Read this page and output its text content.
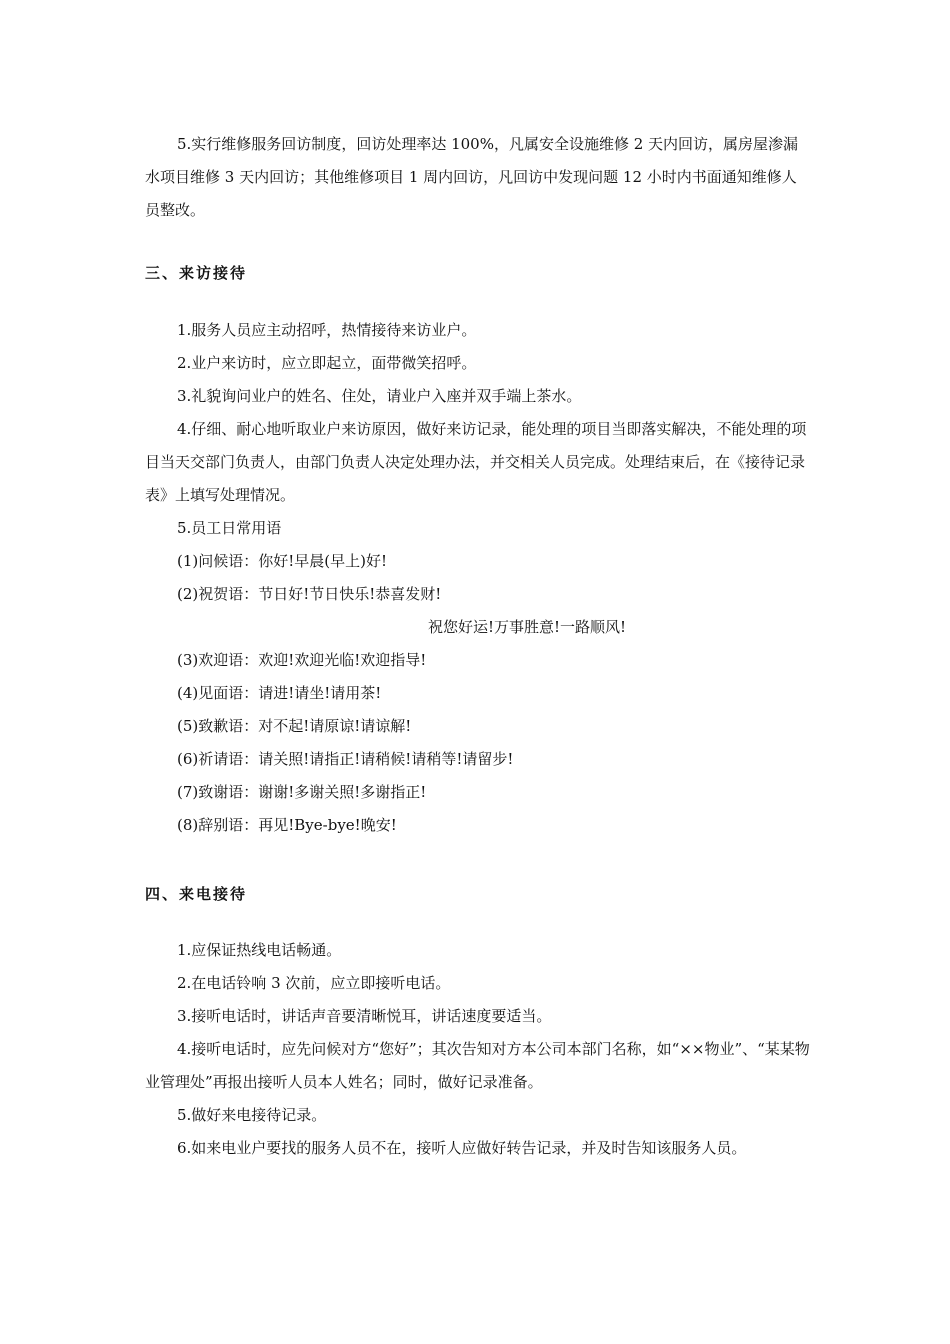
5.实行维修服务回访制度，回访处理率达 100%，凡属安全设施维修 2 天内回访，属房屋渗漏水项目维修 3 天内回访；其他维修项目 1 周内回访，凡回访中发现问题 12 小时内书面通知维修人员整改。

三、来访接待

1.服务人员应主动招呼，热情接待来访业户。

2.业户来访时，应立即起立，面带微笑招呼。

3.礼貌询问业户的姓名、住处，请业户入座并双手端上茶水。

4.仔细、耐心地听取业户来访原因，做好来访记录，能处理的项目当即落实解决，不能处理的项目当天交部门负责人，由部门负责人决定处理办法，并交相关人员完成。处理结束后，在《接待记录表》上填写处理情况。

5.员工日常用语

(1)问候语：你好!早晨(早上)好!

(2)祝贺语：节日好!节日快乐!恭喜发财!

祝您好运!万事胜意!一路顺风!

(3)欢迎语：欢迎!欢迎光临!欢迎指导!

(4)见面语：请进!请坐!请用茶!

(5)致歉语：对不起!请原谅!请谅解!

(6)祈请语：请关照!请指正!请稍候!请稍等!请留步!

(7)致谢语：谢谢!多谢关照!多谢指正!

(8)辞别语：再见!Bye-bye!晚安!

四、来电接待

1.应保证热线电话畅通。

2.在电话铃响 3 次前，应立即接听电话。

3.接听电话时，讲话声音要清晰悦耳，讲话速度要适当。

4.接听电话时，应先问候对方“您好”；其次告知对方本公司本部门名称，如“××物业”、“某某物业管理处”再报出接听人员本人姓名；同时，做好记录准备。

5.做好来电接待记录。

6.如来电业户要找的服务人员不在，接听人应做好转告记录，并及时告知该服务人员。
